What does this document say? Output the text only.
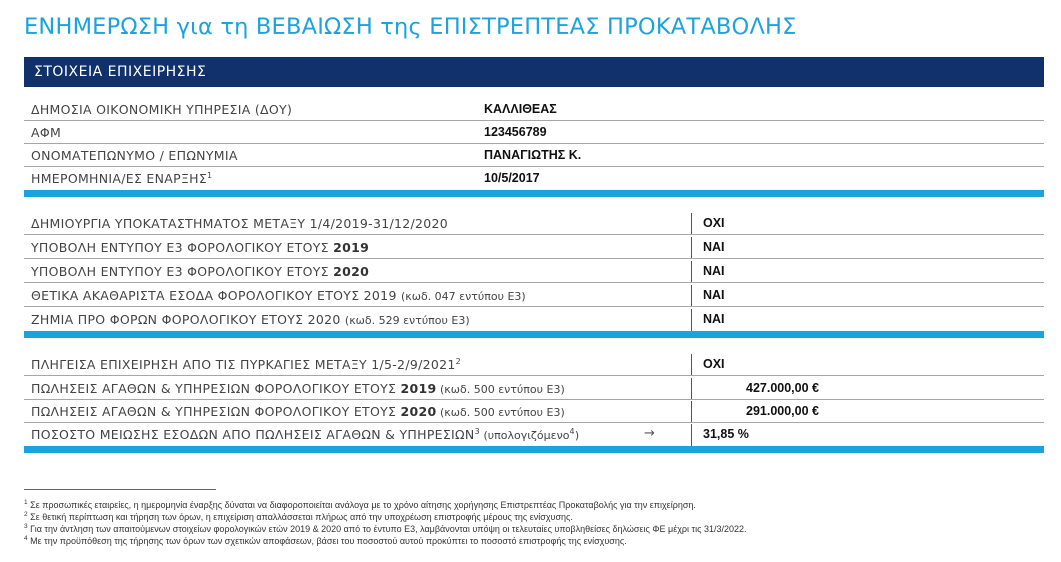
ΕΝΗΜΕΡΩΣΗ για τη ΒΕΒΑΙΩΣΗ της ΕΠΙΣΤΡΕΠΤΕΑΣ ΠΡΟΚΑΤΑΒΟΛΗΣ
ΣΤΟΙΧΕΙΑ ΕΠΙΧΕΙΡΗΣΗΣ
ΔΗΜΟΣΙΑ ΟΙΚΟΝΟΜΙΚΗ ΥΠΗΡΕΣΙΑ (ΔΟΥ)	ΚΑΛΛΙΘΕΑΣ
ΑΦΜ	123456789
ΟΝΟΜΑΤΕΠΩΝΥΜΟ / ΕΠΩΝΥΜΙΑ	ΠΑΝΑΓΙΩΤΗΣ Κ.
ΗΜΕΡΟΜΗΝΙΑ/ΕΣ ΕΝΑΡΞΗΣ$^1$	10/5/2017
ΔΗΜΙΟΥΡΓΙΑ ΥΠΟΚΑΤΑΣΤΗΜΑΤΟΣ ΜΕΤΑΞΥ 1/4/2019-31/12/2020	ΟΧΙ
ΥΠΟΒΟΛΗ ΕΝΤΥΠΟΥ Ε3 ΦΟΡΟΛΟΓΙΚΟΥ ΕΤΟΥΣ 2019	ΝΑΙ
ΥΠΟΒΟΛΗ ΕΝΤΥΠΟΥ Ε3 ΦΟΡΟΛΟΓΙΚΟΥ ΕΤΟΥΣ 2020	ΝΑΙ
ΘΕΤΙΚΑ ΑΚΑΘΑΡΙΣΤΑ ΕΣΟΔΑ ΦΟΡΟΛΟΓΙΚΟΥ ΕΤΟΥΣ 2019 (κωδ. 047 εντύπου Ε3)	ΝΑΙ
ΖΗΜΙΑ ΠΡΟ ΦΟΡΩΝ ΦΟΡΟΛΟΓΙΚΟΥ ΕΤΟΥΣ 2020 (κωδ. 529 εντύπου Ε3)	ΝΑΙ
ΠΛΗΓΕΙΣΑ ΕΠΙΧΕΙΡΗΣΗ ΑΠΟ ΤΙΣ ΠΥΡΚΑΓΙΕΣ ΜΕΤΑΞΥ 1/5-2/9/2021$^2$	ΟΧΙ
ΠΩΛΗΣΕΙΣ ΑΓΑΘΩΝ & ΥΠΗΡΕΣΙΩΝ ΦΟΡΟΛΟΓΙΚΟΥ ΕΤΟΥΣ 2019 (κωδ. 500 εντύπου Ε3)	427.000,00 €
ΠΩΛΗΣΕΙΣ ΑΓΑΘΩΝ & ΥΠΗΡΕΣΙΩΝ ΦΟΡΟΛΟΓΙΚΟΥ ΕΤΟΥΣ 2020 (κωδ. 500 εντύπου Ε3)	291.000,00 €
ΠΟΣΟΣΤΟ ΜΕΙΩΣΗΣ ΕΣΟΔΩΝ ΑΠΟ ΠΩΛΗΣΕΙΣ ΑΓΑΘΩΝ & ΥΠΗΡΕΣΙΩΝ$^3$ (υπολογιζόμενο$^4$)	→	31,85 %
$^1$ Σε προσωπικές εταιρείες, η ημερομηνία έναρξης δύναται να διαφοροποιείται ανάλογα με το χρόνο αίτησης χορήγησης Επιστρεπτέας Προκαταβολής για την επιχείρηση.
$^2$ Σε θετική περίπτωση και τήρηση των όρων, η επιχείριση απαλλάσσεται πλήρως από την υποχρέωση επιστροφής μέρους της ενίσχυσης.
$^3$ Για την άντληση των απαιτούμενων στοιχείων φορολογικών ετών 2019 & 2020 από το έντυπο Ε3, λαμβάνονται υπόψη οι τελευταίες υποβληθείσες δηλώσεις ΦΕ μέχρι τις 31/3/2022.
$^4$ Με την προϋπόθεση της τήρησης των όρων των σχετικών αποφάσεων, βάσει του ποσοστού αυτού προκύπτει το ποσοστό επιστροφής της ενίσχυσης.
